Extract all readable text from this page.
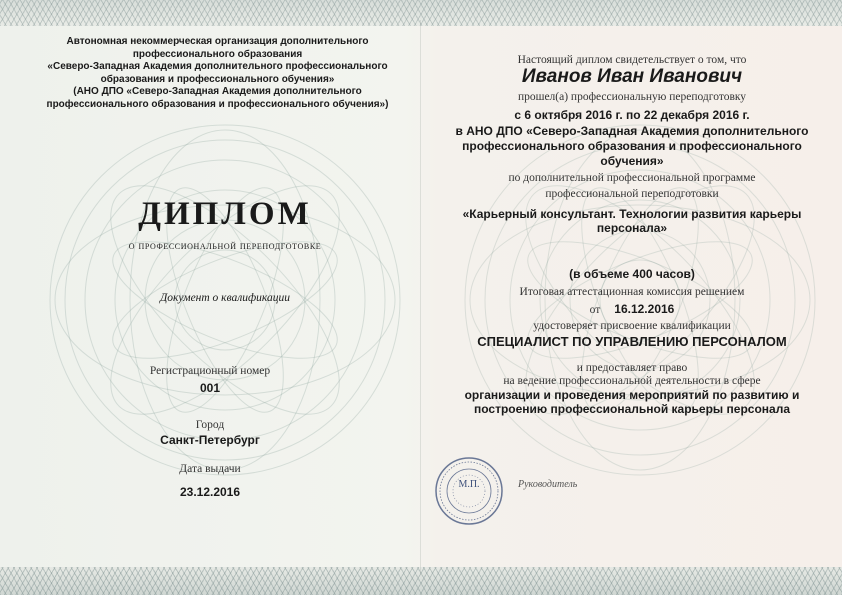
Автономная некоммерческая организация дополнительного
профессионального образования
«Северо-Западная Академия дополнительного профессионального
образования и профессионального обучения»
(АНО ДПО «Северо-Западная Академия дополнительного
профессионального образования и профессионального обучения»)
ДИПЛОМ
о профессиональной переподготовке
Документ о квалификации
Регистрационный номер
001
Город
Санкт-Петербург
Дата выдачи
23.12.2016
Настоящий диплом свидетельствует о том, что
Иванов Иван Иванович
прошел(а) профессиональную переподготовку
с 6 октября 2016 г. по 22 декабря 2016 г.
в АНО ДПО «Северо-Западная Академия дополнительного
профессионального образования и профессионального
обучения»
по дополнительной профессиональной программе
профессиональной переподготовки
«Карьерный консультант. Технологии развития карьеры
персонала»
(в объеме 400 часов)
Итоговая аттестационная комиссия решением
от 16.12.2016
удостоверяет присвоение квалификации
СПЕЦИАЛИСТ ПО УПРАВЛЕНИЮ ПЕРСОНАЛОМ
и предоставляет право
на ведение профессиональной деятельности в сфере
организации и проведения мероприятий по развитию и
построению профессиональной карьеры персонала
М.П.	Руководитель
